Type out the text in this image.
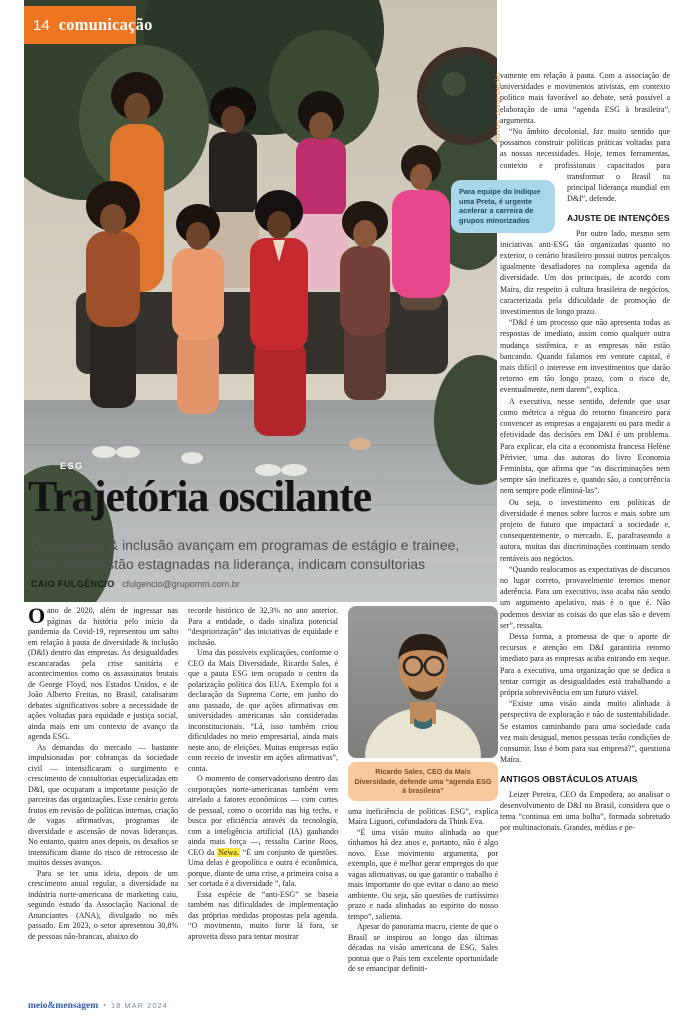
14 comunicação
FOTOS: DIVULGAÇÃO
Para equipe do Indique uma Preta, é urgente acelerar a carreira de grupos minorizados
ESG
Trajetória oscilante
Diversidade & inclusão avançam em programas de estágio e trainee, mas ainda estão estagnadas na liderança, indicam consultorias
CAIO FULGÊNCIO cfulgencio@grupomm.com.br

Oano de 2020, além de ingressar nas páginas da história pelo início da pandemia da Covid-19, representou um salto em relação à pauta de diversidade & inclusão (D&I) dentro das empresas. As desigualdades escancaradas pela crise sanitária e acontecimentos como os assassinatos brutais de George Floyd, nos Estados Unidos, e de João Alberto Freitas, no Brasil, catalisaram debates significativos sobre a necessidade de ações voltadas para equidade e justiça social, ainda mais em um contexto de avanço da agenda ESG.

As demandas do mercado — bastante impulsionadas por cobranças da sociedade civil — intensificaram o surgimento e crescimento de consultorias especializadas em D&I, que ocuparam a importante posição de parceiras das organizações. Esse cenário gerou frutos em revisão de políticas internas, criação de vagas afirmativas, programas de diversidade e ascensão de novas lideranças. No entanto, quatro anos depois, os desafios se intensificam diante do risco de retrocesso de muitos desses avanços.

Para se ter uma ideia, depois de um crescimento anual regular, a diversidade na indústria norte-americana de marketing caiu, segundo estudo da Associação Nacional de Anunciantes (ANA), divulgado no mês passado. Em 2023, o setor apresentou 30,8% de pessoas não-brancas, abaixo do

recorde histórico de 32,3% no ano anterior. Para a entidade, o dado sinaliza potencial “despriorização” das iniciativas de equidade e inclusão.

Uma das possíveis explicações, conforme o CEO da Mais Diversidade, Ricardo Sales, é que a pauta ESG tem ocupado o centro da polarização política dos EUA. Exemplo foi a declaração da Suprema Corte, em junho do ano passado, de que ações afirmativas em universidades americanas são consideradas inconstitucionais. “Lá, isso também criou dificuldades no meio empresarial, ainda mais neste ano, de eleições. Muitas empresas estão com receio de investir em ações afirmativas”, conta.

O momento de conservadorismo dentro das corporações norte-americanas também vem atrelado a fatores econômicos — com cortes de pessoal, como o ocorrido nas big techs, e busca por eficiência através da tecnologia, com a inteligência artificial (IA) ganhando ainda mais força —, ressalta Carine Roos, CEO da Newa. “É um conjunto de questões. Uma delas é geopolítica e outra é econômica, porque, diante de uma crise, a primeira coisa a ser cortada é a diversidade ”, fala.

Essa espécie de “anti-ESG” se baseia também nas dificuldades de implementação das próprias medidas propostas pela agenda. “O movimento, muito forte lá fora, se aproveita disso para tentar mostrar

Ricardo Sales, CEO da Mais Diversidade, defende uma “agenda ESG à brasileira”

uma ineficiência de políticas ESG”, explica Maíra Liguori, cofundadora da Think Eva.

“É uma visão muito alinhada ao que tínhamos há dez anos e, portanto, não é algo novo. Esse movimento argumenta, por exemplo, que é melhor gerar empregos do que vagas afirmativas, ou que garantir o trabalho é mais importante do que evitar o dano ao meio ambiente. Ou seja, são questões de curtíssimo prazo e nada alinhadas ao espírito do nosso tempo”, salienta.

Apesar do panorama macro, ciente de que o Brasil se inspirou ao longo das últimas décadas na visão americana de ESG, Sales pontua que o País tem excelente oportunidade de se emancipar definiti-

vamente em relação à pauta. Com a associação de universidades e movimentos ativistas, em contexto político mais favorável ao debate, será possível a elaboração de uma “agenda ESG à brasileira”, argumenta.

“No âmbito decolonial, faz muito sentido que possamos construir políticas práticas voltadas para as nossas necessidades. Hoje, temos ferramentas, contexto e profissionais capacitados para transformar o Brasil na principal liderança mundial em D&I”, defende.

AJUSTE DE INTENÇÕES

Por outro lado, mesmo sem iniciativas anti-ESG tão organizadas quanto no exterior, o cenário brasileiro possui outros percalços igualmente desafiadores na complexa agenda da diversidade. Um dos principais, de acordo com Maíra, diz respeito à cultura brasileira de negócios, caracterizada pela dificuldade de promoção de investimentos de longo prazo.

“D&I é um processo que não apresenta todas as respostas de imediato, assim como qualquer outra mudança sistêmica, e as empresas não estão bancando. Quando falamos em venture capital, é mais difícil o interesse em investimentos que darão retorno em tão longo prazo, com o risco de, eventualmente, nem darem”, explica.

A executiva, nesse sentido, defende que usar como métrica a régua do retorno financeiro para convencer as empresas a engajarem ou para medir a efetividade das decisões em D&I é um problema. Para explicar, ela cita a economista francesa Helène Périvier, uma das autoras do livro Economia Feminista, que afirma que “as discriminações nem sempre são ineficazes e, quando são, a concorrência nem sempre pode eliminá-las”.

Ou seja, o investimento em políticas de diversidade é menos sobre lucros e mais sobre um projeto de futuro que impactará a sociedade e, consequentemente, o mercado. E, parafraseando a autora, muitas das discriminações continuam sendo rentáveis aos negócios.

“Quando realocamos as expectativas de discursos no lugar correto, provavelmente teremos menor aderência. Para um executivo, isso acaba não sendo um argumento apelativo, mas é o que é. Não podemos desviar as coisas do que elas são e devem ser”, ressalta.

Dessa forma, a promessa de que o aporte de recursos e atenção em D&I garantiria retorno imediato para as empresas acaba entrando em xeque. Para a executiva, uma organização que se dedica a tentar corrigir as desigualdades está trabalhando a própria sobrevivência em um futuro viável.

“Existe uma visão ainda muito alinhada à perspectiva de exploração e não de sustentabilidade. Se estamos caminhando para uma sociedade cada vez mais desigual, menos pessoas terão condições de consumir. Isso é bom para sua empresa?”, questiona Maíra.

ANTIGOS OBSTÁCULOS ATUAIS

Leizer Pereira, CEO da Empodera, ao analisar o desenvolvimento de D&I no Brasil, considera que o tema “continua em uma bolha”, formada sobretudo por multinacionais. Grandes, médias e pe-

meio&mensagem • 18 MAR 2024
